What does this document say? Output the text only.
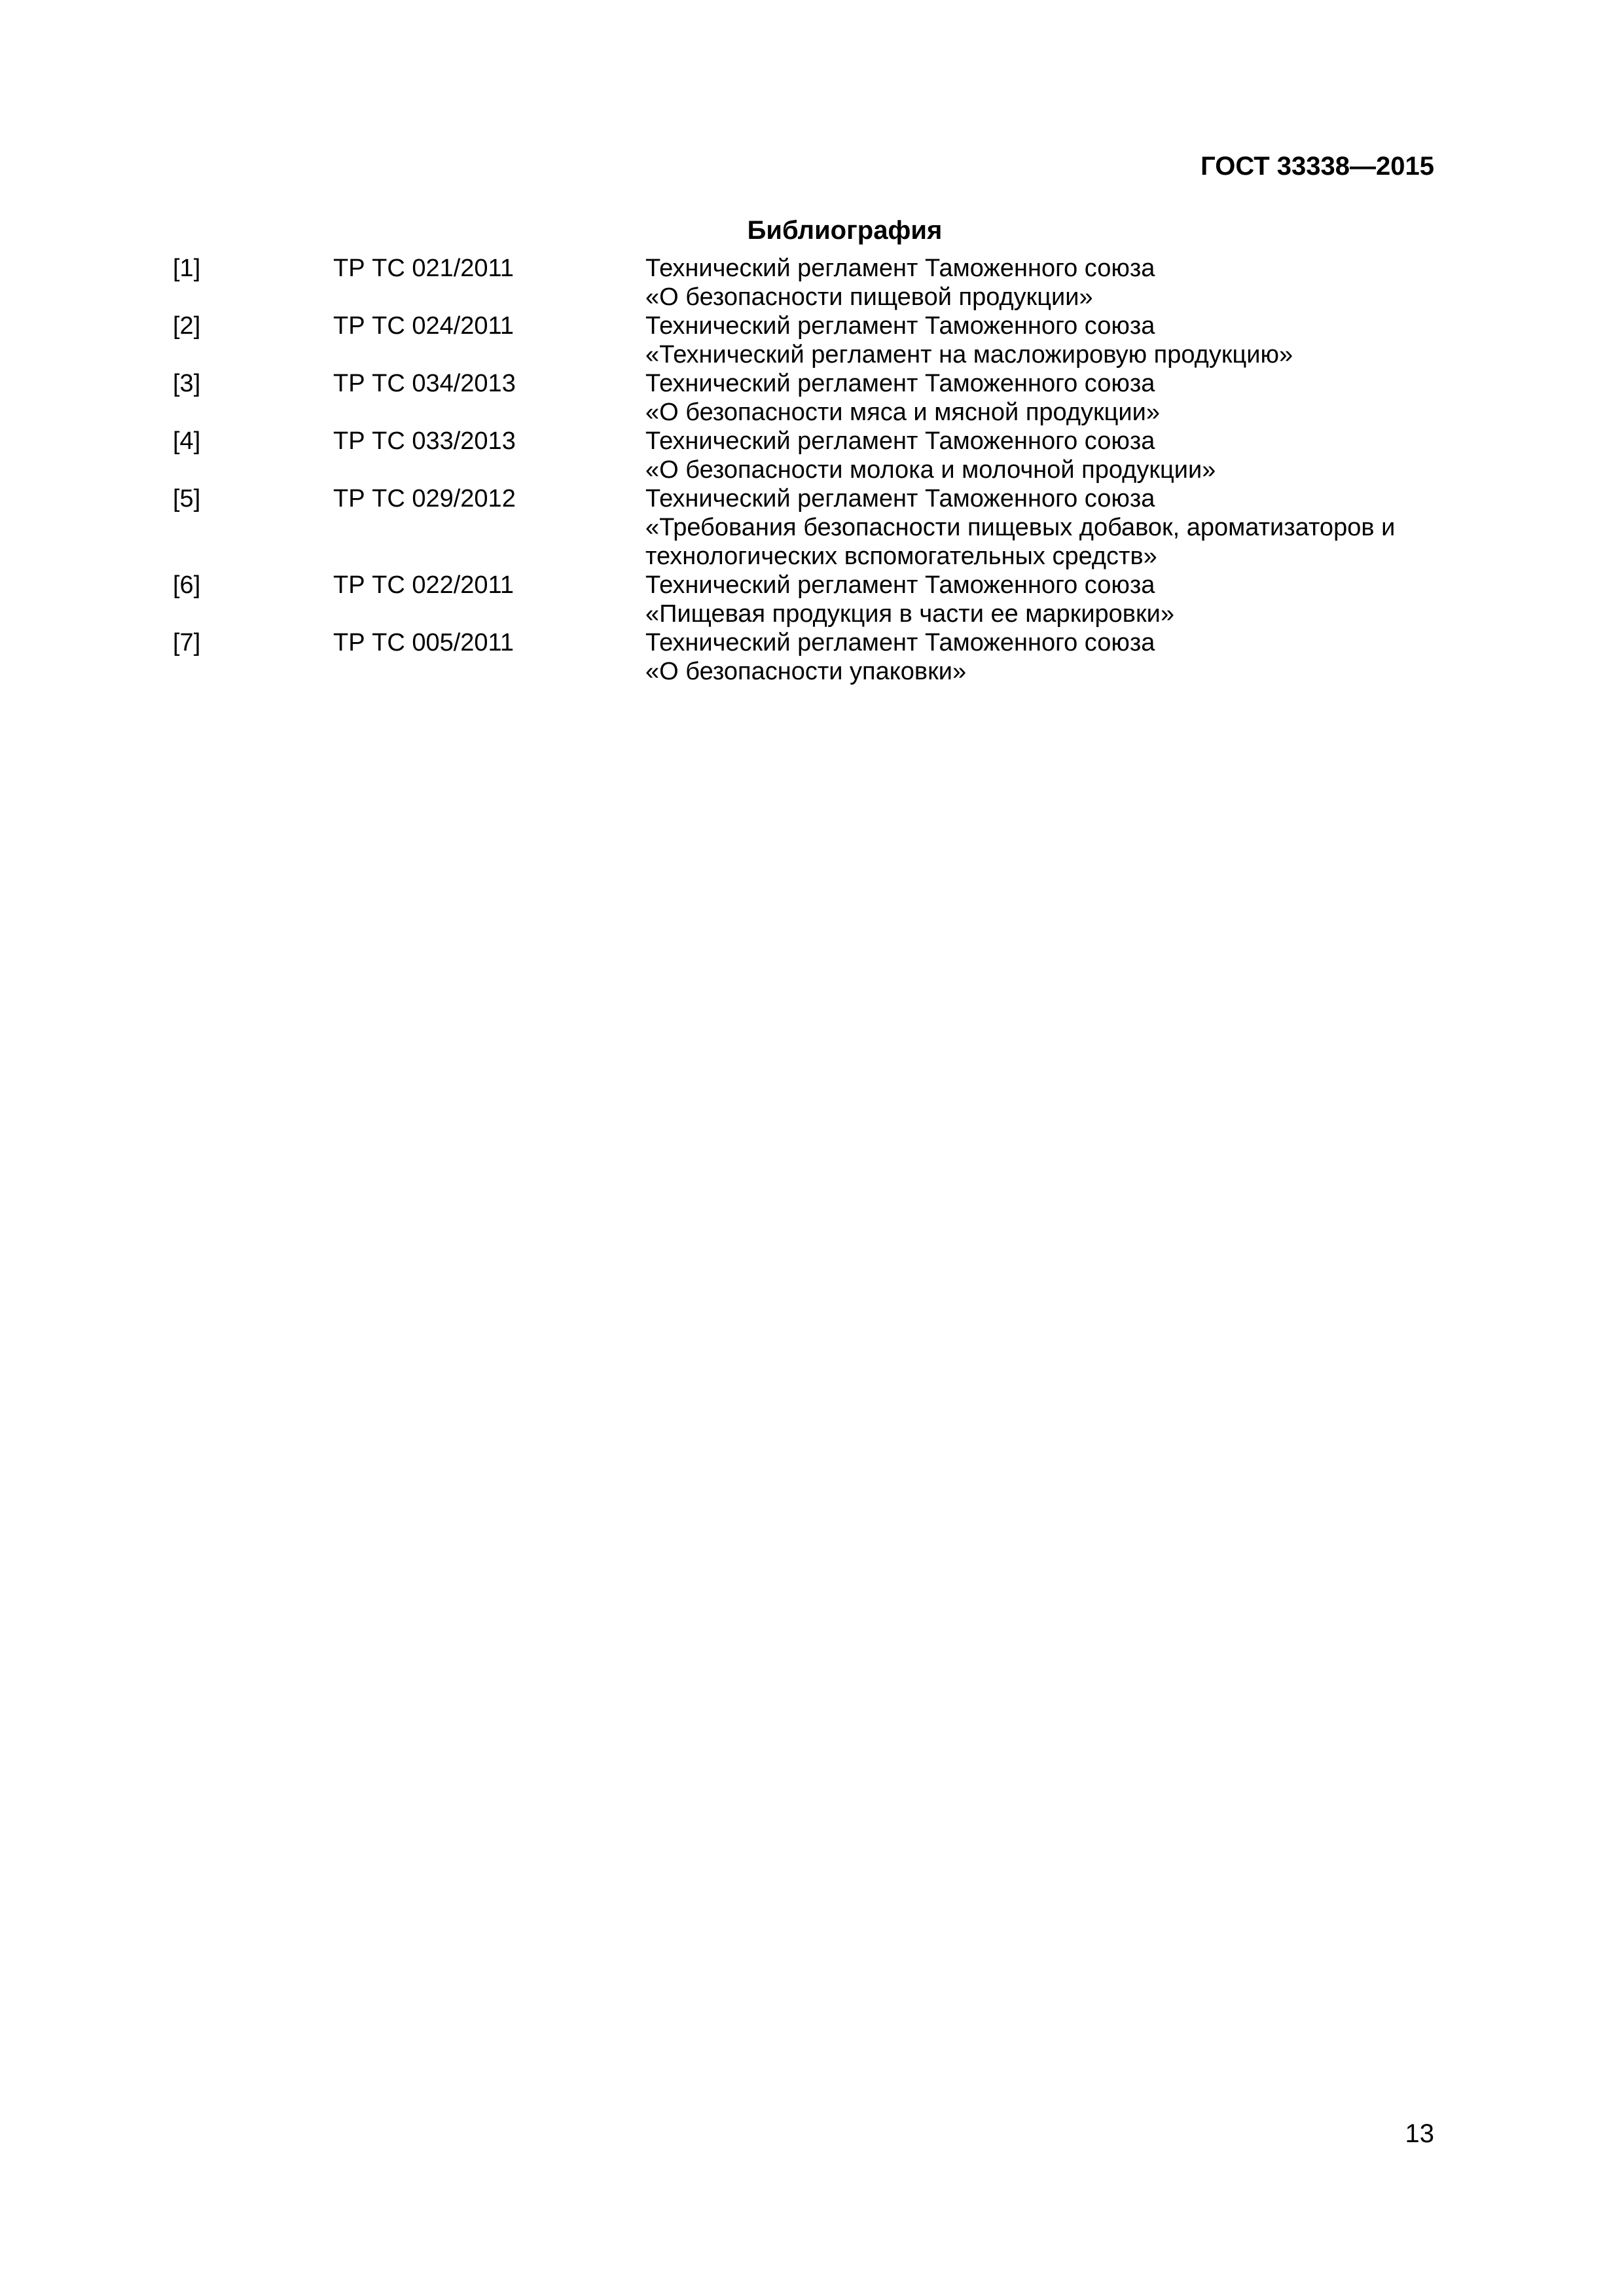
ГОСТ 33338—2015
Библиография
[1]	ТР ТС 021/2011	Технический регламент Таможенного союза
«О безопасности пищевой продукции»
[2]	ТР ТС 024/2011	Технический регламент Таможенного союза
«Технический регламент на масложировую продукцию»
[3]	ТР ТС 034/2013	Технический регламент Таможенного союза
«О безопасности мяса и мясной продукции»
[4]	ТР ТС 033/2013	Технический регламент Таможенного союза
«О безопасности молока и молочной продукции»
[5]	ТР ТС 029/2012	Технический регламент Таможенного союза
«Требования безопасности пищевых добавок, ароматизаторов и
технологических вспомогательных средств»
[6]	ТР ТС 022/2011	Технический регламент Таможенного союза
«Пищевая продукция в части ее маркировки»
[7]	ТР ТС 005/2011	Технический регламент Таможенного союза
«О безопасности упаковки»
13
